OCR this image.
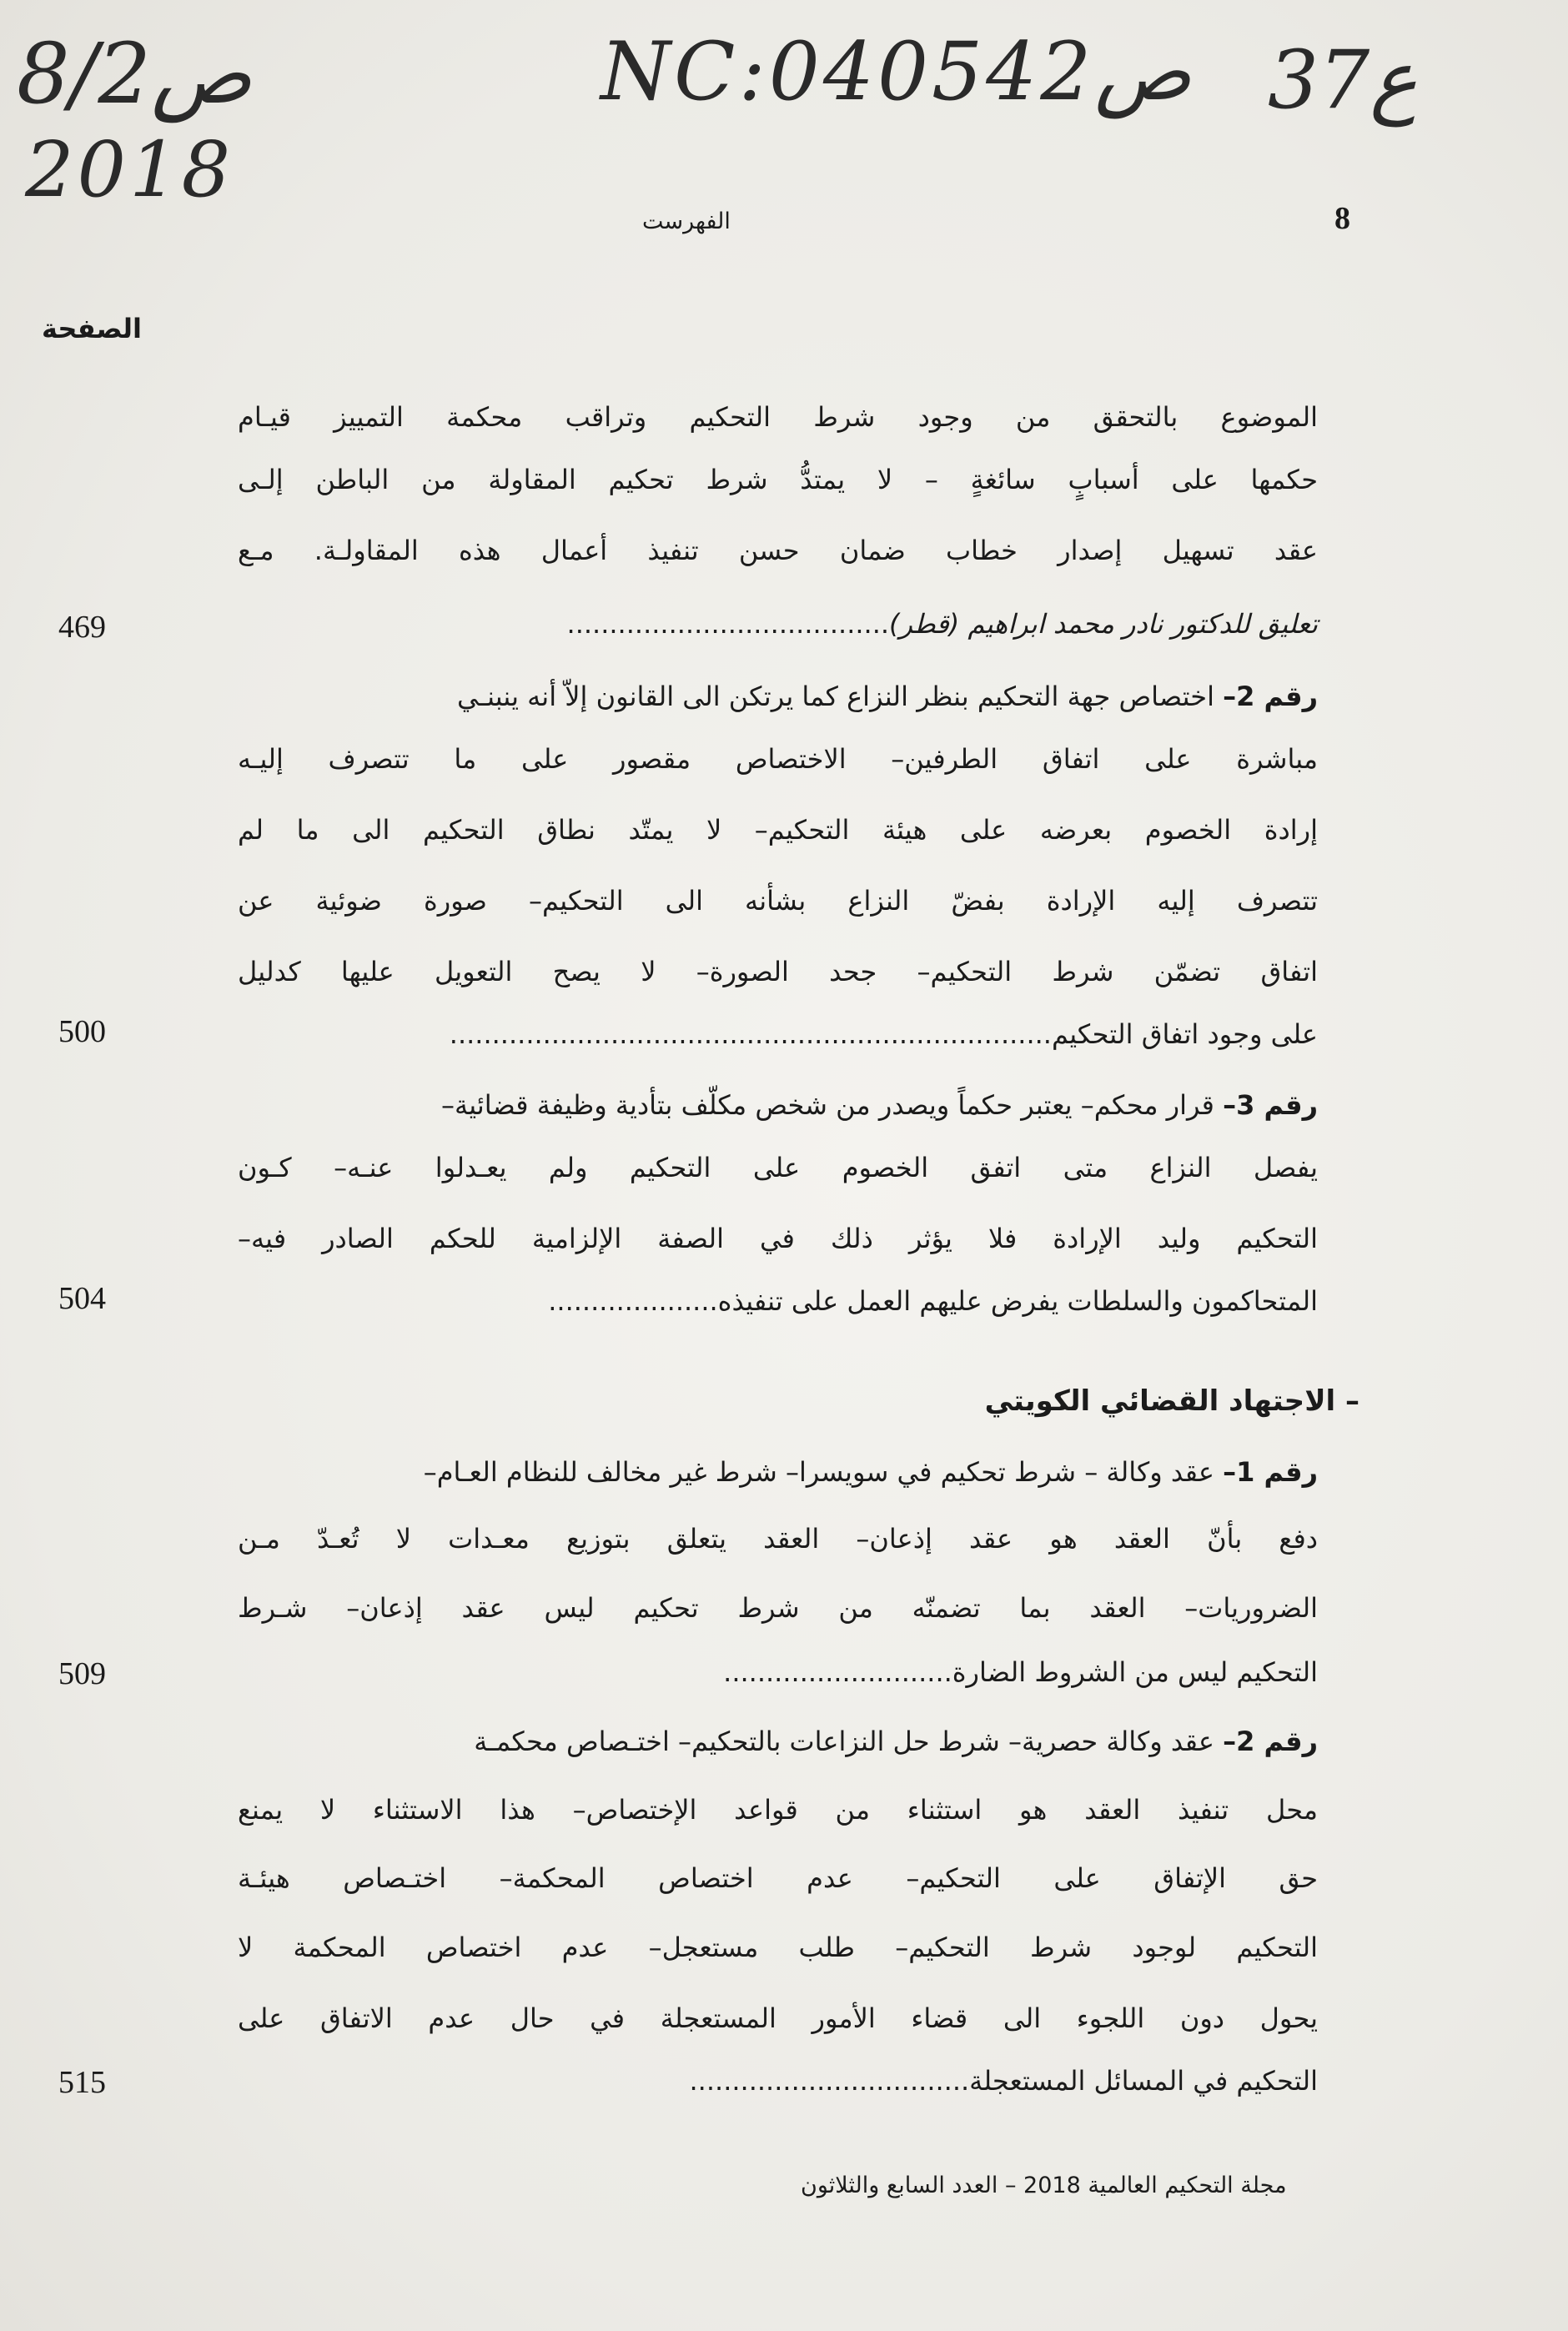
8/2ص
2018
NC:040542ص 37ع
الفهرست	8
الصفحة
الموضوع بالتحقق من وجود شرط التحكيم وتراقب محكمة التمييز قيـام
حكمها على أسبابٍ سائغةٍ – لا يمتدُّ شرط تحكيم المقاولة من الباطن إلـى
عقد تسهيل إصدار خطاب ضمان حسن تنفيذ أعمال هذه المقاولـة. مـع
تعليق للدكتور نادر محمد ابراهيم (قطر)......................................
469
رقم 2– اختصاص جهة التحكيم بنظر النزاع كما يرتكن الى القانون إلاّ أنه ينبنـي
مباشرة على اتفاق الطرفين– الاختصاص مقصور على ما تتصرف إليـه
إرادة الخصوم بعرضه على هيئة التحكيم– لا يمتّد نطاق التحكيم الى ما لم
تتصرف إليه الإرادة بفضّ النزاع بشأنه الى التحكيم– صورة ضوئية عن
اتفاق تضمّن شرط التحكيم– جحد الصورة– لا يصح التعويل عليها كدليل
على وجود اتفاق التحكيم.......................................................................
500
رقم 3– قرار محكم– يعتبر حكماً ويصدر من شخص مكلّف بتأدية وظيفة قضائية–
يفصل النزاع متى اتفق الخصوم على التحكيم ولم يعـدلوا عنـه– كـون
التحكيم وليد الإرادة فلا يؤثر ذلك في الصفة الإلزامية للحكم الصادر فيه–
المتحاكمون والسلطات يفرض عليهم العمل على تنفيذه....................
504
– الاجتهاد القضائي الكويتي
رقم 1– عقد وكالة – شرط تحكيم في سويسرا– شرط غير مخالف للنظام العـام–
دفع بأنّ العقد هو عقد إذعان– العقد يتعلق بتوزيع معـدات لا تُعـدّ مـن
الضروريات– العقد بما تضمنّه من شرط تحكيم ليس عقد إذعان– شـرط
التحكيم ليس من الشروط الضارة...........................
509
رقم 2– عقد وكالة حصرية– شرط حل النزاعات بالتحكيم– اختـصاص محكمـة
محل تنفيذ العقد هو استثناء من قواعد الإختصاص– هذا الاستثناء لا يمنع
حق الإتفاق على التحكيم– عدم اختصاص المحكمة– اختـصاص هيئـة
التحكيم لوجود شرط التحكيم– طلب مستعجل– عدم اختصاص المحكمة لا
يحول دون اللجوء الى قضاء الأمور المستعجلة في حال عدم الاتفاق على
التحكيم في المسائل المستعجلة.................................
515
مجلة التحكيم العالمية 2018 – العدد السابع والثلاثون
